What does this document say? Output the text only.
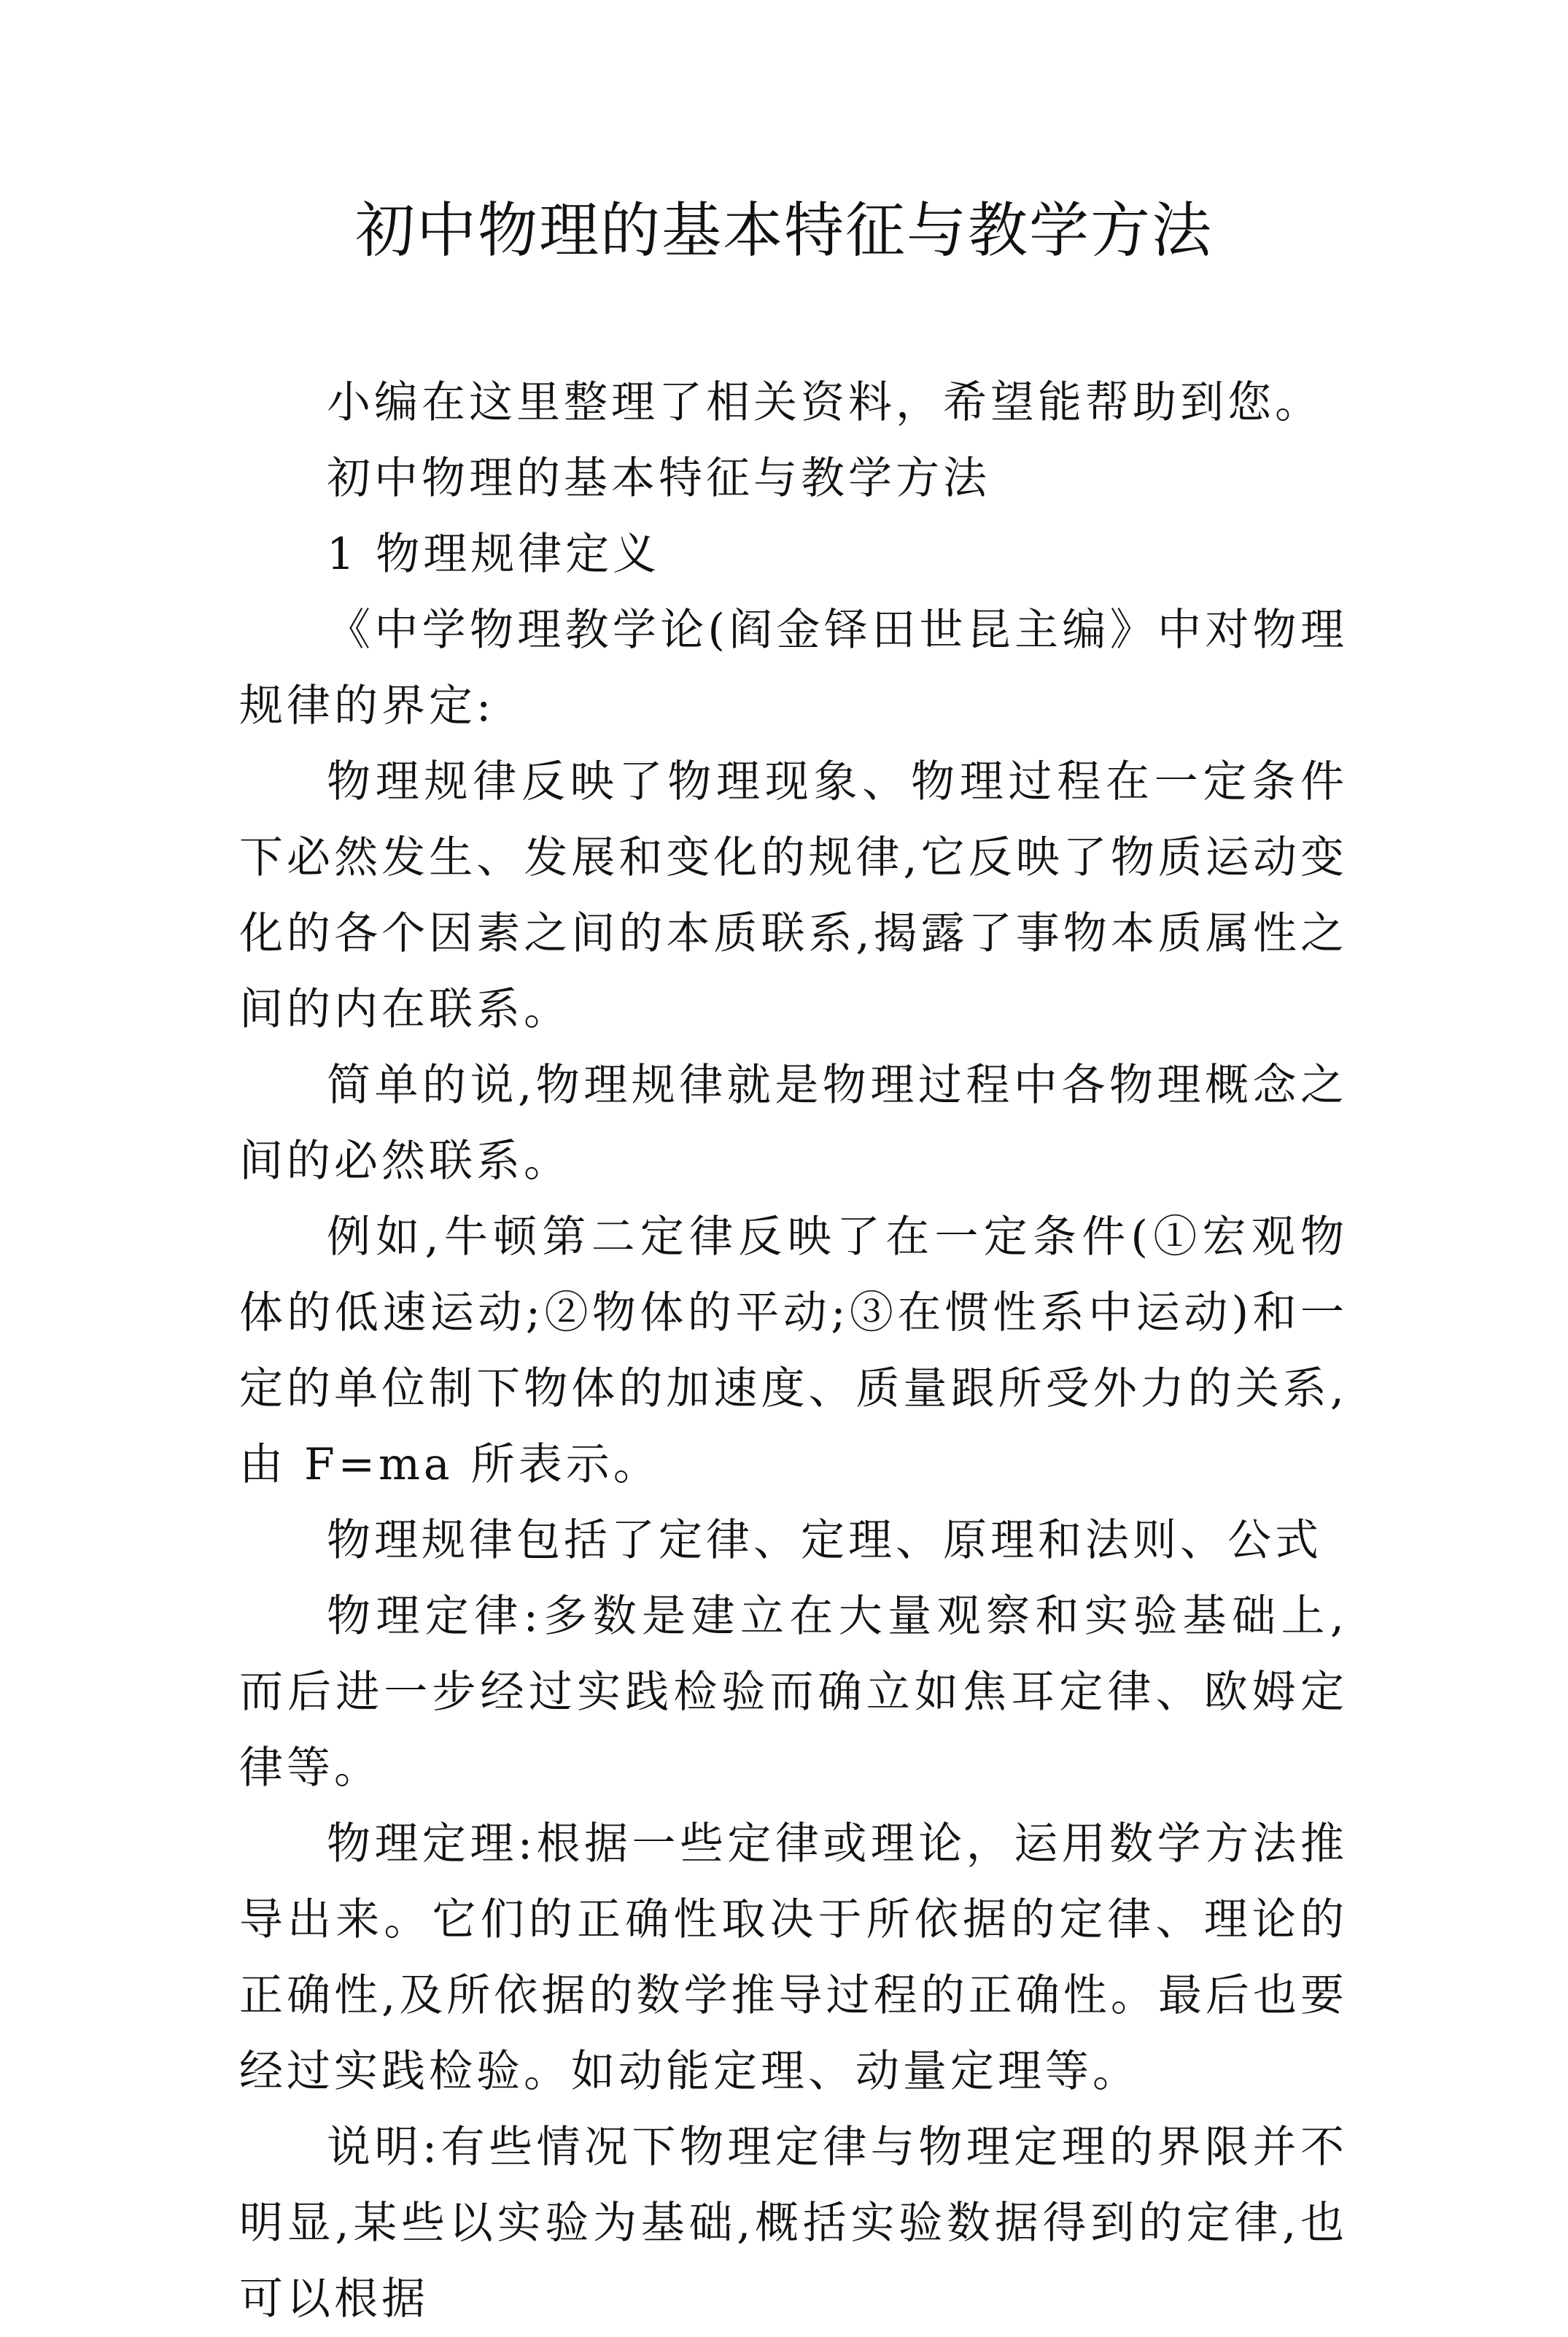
初中物理的基本特征与教学方法

小编在这里整理了相关资料，希望能帮助到您。

初中物理的基本特征与教学方法

1 物理规律定义

《中学物理教学论(阎金铎田世昆主编》中对物理规律的界定:

物理规律反映了物理现象、物理过程在一定条件下必然发生、发展和变化的规律,它反映了物质运动变化的各个因素之间的本质联系,揭露了事物本质属性之间的内在联系。

简单的说,物理规律就是物理过程中各物理概念之间的必然联系。

例如,牛顿第二定律反映了在一定条件(①宏观物体的低速运动;②物体的平动;③在惯性系中运动)和一定的单位制下物体的加速度、质量跟所受外力的关系,由 F=ma 所表示。

物理规律包括了定律、定理、原理和法则、公式

物理定律:多数是建立在大量观察和实验基础上,而后进一步经过实践检验而确立如焦耳定律、欧姆定律等。

物理定理:根据一些定律或理论，运用数学方法推导出来。它们的正确性取决于所依据的定律、理论的正确性,及所依据的数学推导过程的正确性。最后也要经过实践检验。如动能定理、动量定理等。

说明:有些情况下物理定律与物理定理的界限并不明显,某些以实验为基础,概括实验数据得到的定律,也可以根据
